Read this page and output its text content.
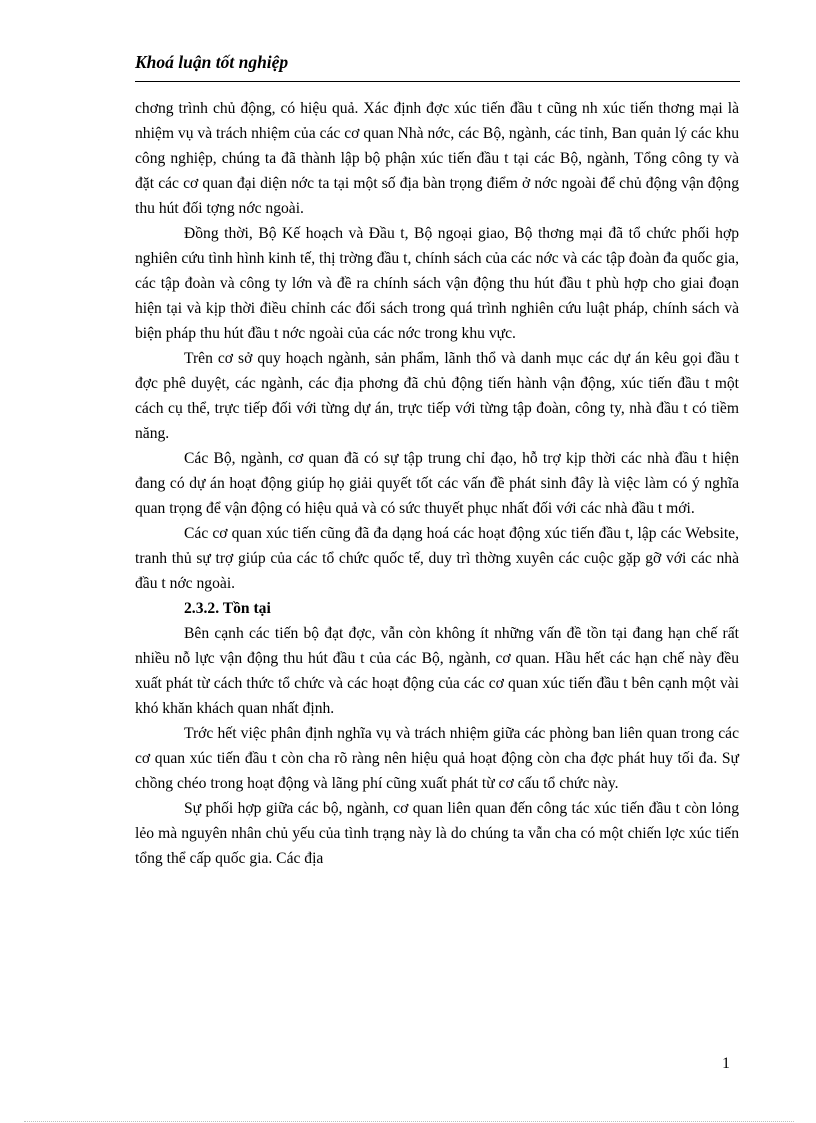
Khoá luận tốt nghiệp

chơng trình chủ động, có hiệu quả. Xác định đợc xúc tiến đầu t cũng nh xúc tiến thơng mại là nhiệm vụ và trách nhiệm của các cơ quan Nhà nớc, các Bộ, ngành, các tỉnh, Ban quản lý các khu công nghiệp, chúng ta đã thành lập bộ phận xúc tiến đầu t tại các Bộ, ngành, Tổng công ty và đặt các cơ quan đại diện nớc ta tại một số địa bàn trọng điểm ở nớc ngoài để chủ động vận động thu hút đối tợng nớc ngoài.

Đồng thời, Bộ Kế hoạch và Đầu t, Bộ ngoại giao, Bộ thơng mại đã tổ chức phối hợp nghiên cứu tình hình kinh tế, thị trờng đầu t, chính sách của các nớc và các tập đoàn đa quốc gia, các tập đoàn và công ty lớn và đề ra chính sách vận động thu hút đầu t phù hợp cho giai đoạn hiện tại và kịp thời điều chỉnh các đối sách trong quá trình nghiên cứu luật pháp, chính sách và biện pháp thu hút đầu t nớc ngoài của các nớc trong khu vực.

Trên cơ sở quy hoạch ngành, sản phẩm, lãnh thổ và danh mục các dự án kêu gọi đầu t đợc phê duyệt, các ngành, các địa phơng đã chủ động tiến hành vận động, xúc tiến đầu t một cách cụ thể, trực tiếp đối với từng dự án, trực tiếp với từng tập đoàn, công ty, nhà đầu t có tiềm năng.

Các Bộ, ngành, cơ quan đã có sự tập trung chỉ đạo, hỗ trợ kịp thời các nhà đầu t hiện đang có dự án hoạt động giúp họ giải quyết tốt các vấn đề phát sinh đây là việc làm có ý nghĩa quan trọng để vận động có hiệu quả và có sức thuyết phục nhất đối với các nhà đầu t mới.

Các cơ quan xúc tiến cũng đã đa dạng hoá các hoạt động xúc tiến đầu t, lập các Website, tranh thủ sự trợ giúp của các tổ chức quốc tế, duy trì thờng xuyên các cuộc gặp gỡ với các nhà đầu t nớc ngoài.

2.3.2. Tồn tại

Bên cạnh các tiến bộ đạt đợc, vẫn còn không ít những vấn đề tồn tại đang hạn chế rất nhiều nỗ lực vận động thu hút đầu t của các Bộ, ngành, cơ quan. Hầu hết các hạn chế này đều xuất phát từ cách thức tổ chức và các hoạt động của các cơ quan xúc tiến đầu t bên cạnh một vài khó khăn khách quan nhất định.

Trớc hết việc phân định nghĩa vụ và trách nhiệm giữa các phòng ban liên quan trong các cơ quan xúc tiến đầu t còn cha rõ ràng nên hiệu quả hoạt động còn cha đợc phát huy tối đa. Sự chồng chéo trong hoạt động và lãng phí cũng xuất phát từ cơ cấu tổ chức này.

Sự phối hợp giữa các bộ, ngành, cơ quan liên quan đến công tác xúc tiến đầu t còn lỏng lẻo mà nguyên nhân chủ yếu của tình trạng này là do chúng ta vẫn cha có một chiến lợc xúc tiến tổng thể cấp quốc gia. Các địa

1
